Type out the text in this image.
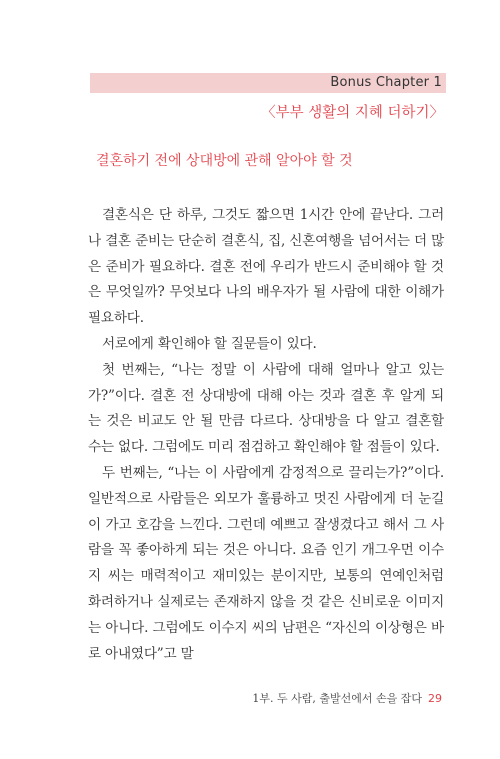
Bonus Chapter 1
〈부부 생활의 지혜 더하기〉
결혼하기 전에 상대방에 관해 알아야 할 것

결혼식은 단 하루, 그것도 짧으면 1시간 안에 끝난다. 그러나 결혼 준비는 단순히 결혼식, 집, 신혼여행을 넘어서는 더 많은 준비가 필요하다. 결혼 전에 우리가 반드시 준비해야 할 것은 무엇일까? 무엇보다 나의 배우자가 될 사람에 대한 이해가 필요하다.

서로에게 확인해야 할 질문들이 있다.

첫 번째는, “나는 정말 이 사람에 대해 얼마나 알고 있는가?”이다. 결혼 전 상대방에 대해 아는 것과 결혼 후 알게 되는 것은 비교도 안 될 만큼 다르다. 상대방을 다 알고 결혼할 수는 없다. 그럼에도 미리 점검하고 확인해야 할 점들이 있다.

두 번째는, “나는 이 사람에게 감정적으로 끌리는가?”이다. 일반적으로 사람들은 외모가 훌륭하고 멋진 사람에게 더 눈길이 가고 호감을 느낀다. 그런데 예쁘고 잘생겼다고 해서 그 사람을 꼭 좋아하게 되는 것은 아니다. 요즘 인기 개그우먼 이수지 씨는 매력적이고 재미있는 분이지만, 보통의 연예인처럼 화려하거나 실제로는 존재하지 않을 것 같은 신비로운 이미지는 아니다. 그럼에도 이수지 씨의 남편은 “자신의 이상형은 바로 아내였다”고 말

1부. 두 사람, 출발선에서 손을 잡다 29
